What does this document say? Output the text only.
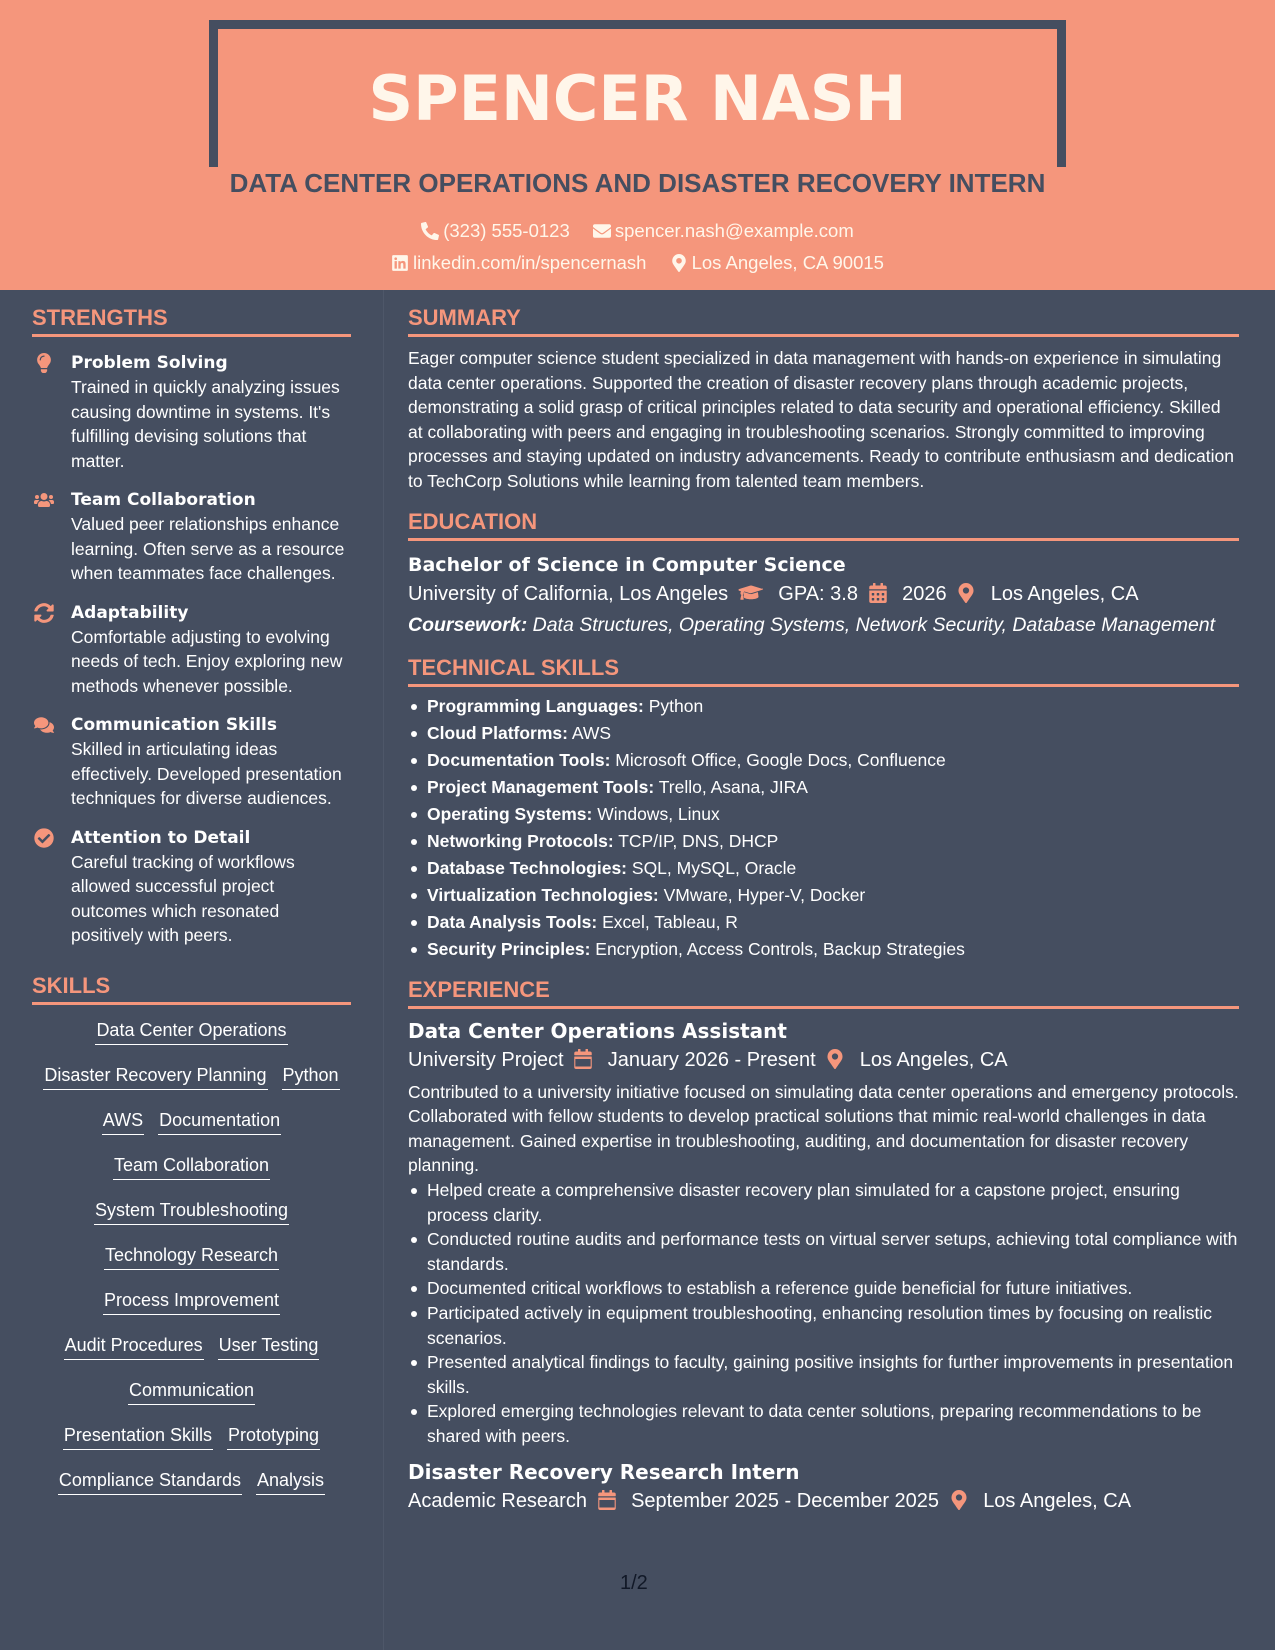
SPENCER NASH
DATA CENTER OPERATIONS AND DISASTER RECOVERY INTERN
(323) 555-0123 spencer.nash@example.com
linkedin.com/in/spencernash Los Angeles, CA 90015
STRENGTHS
Problem Solving
Trained in quickly analyzing issues causing downtime in systems. It's fulfilling devising solutions that matter.
Team Collaboration
Valued peer relationships enhance learning. Often serve as a resource when teammates face challenges.
Adaptability
Comfortable adjusting to evolving needs of tech. Enjoy exploring new methods whenever possible.
Communication Skills
Skilled in articulating ideas effectively. Developed presentation techniques for diverse audiences.
Attention to Detail
Careful tracking of workflows allowed successful project outcomes which resonated positively with peers.
SKILLS
Data Center Operations
Disaster Recovery Planning Python
AWS Documentation
Team Collaboration
System Troubleshooting
Technology Research
Process Improvement
Audit Procedures User Testing
Communication
Presentation Skills Prototyping
Compliance Standards Analysis
SUMMARY
Eager computer science student specialized in data management with hands-on experience in simulating data center operations. Supported the creation of disaster recovery plans through academic projects, demonstrating a solid grasp of critical principles related to data security and operational efficiency. Skilled at collaborating with peers and engaging in troubleshooting scenarios. Strongly committed to improving processes and staying updated on industry advancements. Ready to contribute enthusiasm and dedication to TechCorp Solutions while learning from talented team members.
EDUCATION
Bachelor of Science in Computer Science
University of California, Los Angeles	GPA: 3.8 2026 Los Angeles, CA
Coursework: Data Structures, Operating Systems, Network Security, Database Management
TECHNICAL SKILLS
Programming Languages: Python
Cloud Platforms: AWS
Documentation Tools: Microsoft Office, Google Docs, Confluence
Project Management Tools: Trello, Asana, JIRA
Operating Systems: Windows, Linux
Networking Protocols: TCP/IP, DNS, DHCP
Database Technologies: SQL, MySQL, Oracle
Virtualization Technologies: VMware, Hyper-V, Docker
Data Analysis Tools: Excel, Tableau, R
Security Principles: Encryption, Access Controls, Backup Strategies
EXPERIENCE
Data Center Operations Assistant
University Project January 2026 - Present Los Angeles, CA
Contributed to a university initiative focused on simulating data center operations and emergency protocols. Collaborated with fellow students to develop practical solutions that mimic real-world challenges in data management. Gained expertise in troubleshooting, auditing, and documentation for disaster recovery planning.
Helped create a comprehensive disaster recovery plan simulated for a capstone project, ensuring process clarity.
Conducted routine audits and performance tests on virtual server setups, achieving total compliance with standards.
Documented critical workflows to establish a reference guide beneficial for future initiatives.
Participated actively in equipment troubleshooting, enhancing resolution times by focusing on realistic scenarios.
Presented analytical findings to faculty, gaining positive insights for further improvements in presentation skills.
Explored emerging technologies relevant to data center solutions, preparing recommendations to be shared with peers.
Disaster Recovery Research Intern
Academic Research September 2025 - December 2025 Los Angeles, CA
1/2
